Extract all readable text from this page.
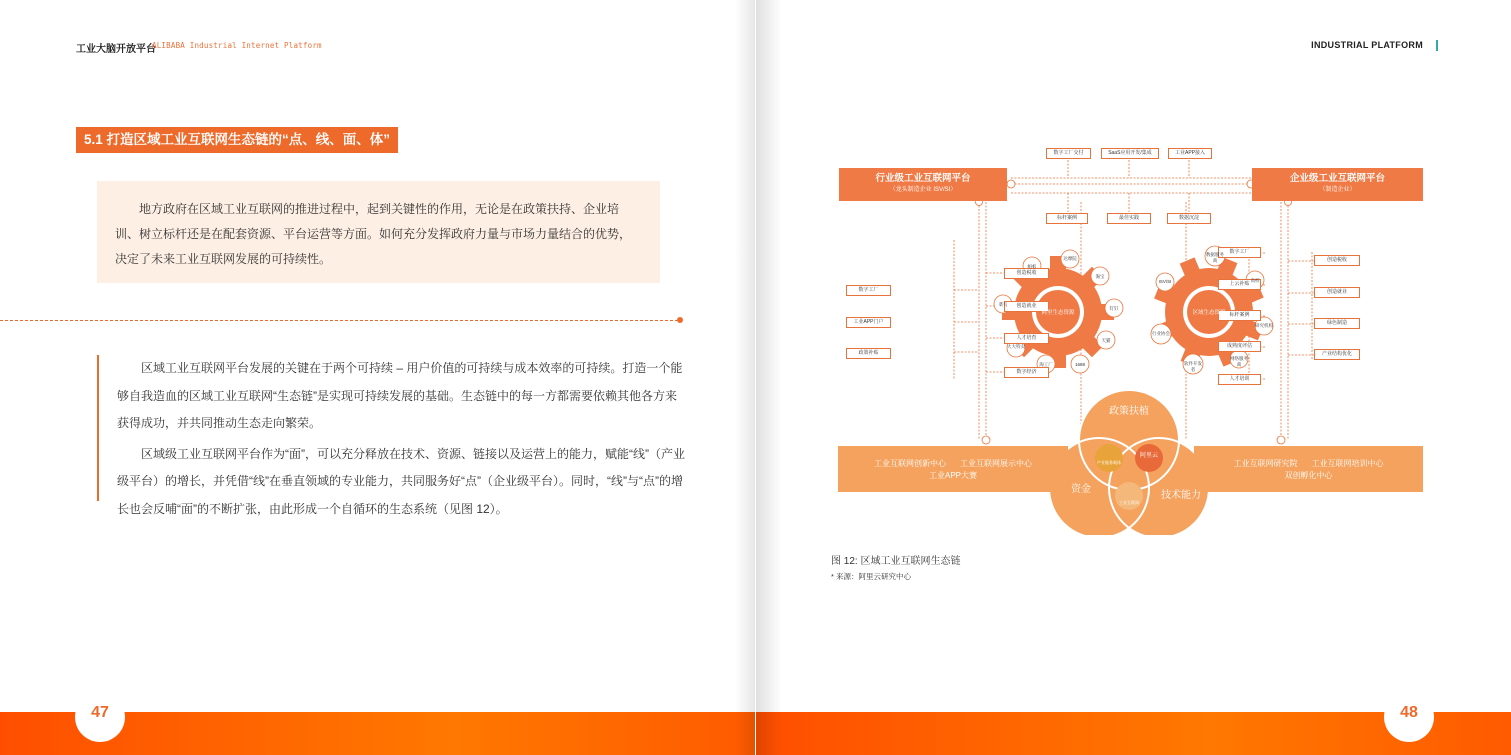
工业大脑开放平台
ALIBABA Industrial Internet Platform
5.1 打造区域工业互联网生态链的“点、线、面、体”

地方政府在区域工业互联网的推进过程中，起到关键性的作用，无论是在政策扶持、企业培训、树立标杆还是在配套资源、平台运营等方面。如何充分发挥政府力量与市场力量结合的优势，决定了未来工业互联网发展的可持续性。

区域工业互联网平台发展的关键在于两个可持续 – 用户价值的可持续与成本效率的可持续。打造一个能够自我造血的区域工业互联网“生态链”是实现可持续发展的基础。生态链中的每一方都需要依赖其他各方来获得成功，并共同推动生态走向繁荣。

区域级工业互联网平台作为“面”，可以充分释放在技术、资源、链接以及运营上的能力，赋能“线”（产业级平台）的增长，并凭借“线”在垂直领域的专业能力，共同服务好“点”（企业级平台）。同时，“线”与“点”的增长也会反哺“面”的不断扩张，由此形成一个自循环的生态系统（见图 12）。

47
INDUSTRIAL PLATFORM
行业级工业互联网平台
（龙头制造企业 ISV/SI）
企业级工业互联网平台
（制造企业）
数字工厂交付	SaaS应用开发/集成	工业APP接入
标杆案例	最佳实践	数据沉淀
数字工厂
工业APP门户
政策补贴
创造税收
创造就业
人才培育
数字经济
数字工厂
上云补贴
标杆案例
成熟度评估
人才培训
创造税收
创造就业
绿色制造
产业结构优化
阿里生态资源	区域生态资源
达摩院
淘宝
钉钉
天猫
1688
淘工厂
大大特卖
菜鸟
蚂蚁
数据服务商
高校
研究机构
网络服务商
软件开发者
行业协会
ISV/SI
工业互联网创新中心 工业互联网展示中心
工业APP大赛
工业互联网研究院 工业互联网培训中心
双创孵化中心
政策扶植
资金
技术能力
产业服务载体
阿里云
工业互联网
图 12: 区域工业互联网生态链
* 来源：阿里云研究中心
48
